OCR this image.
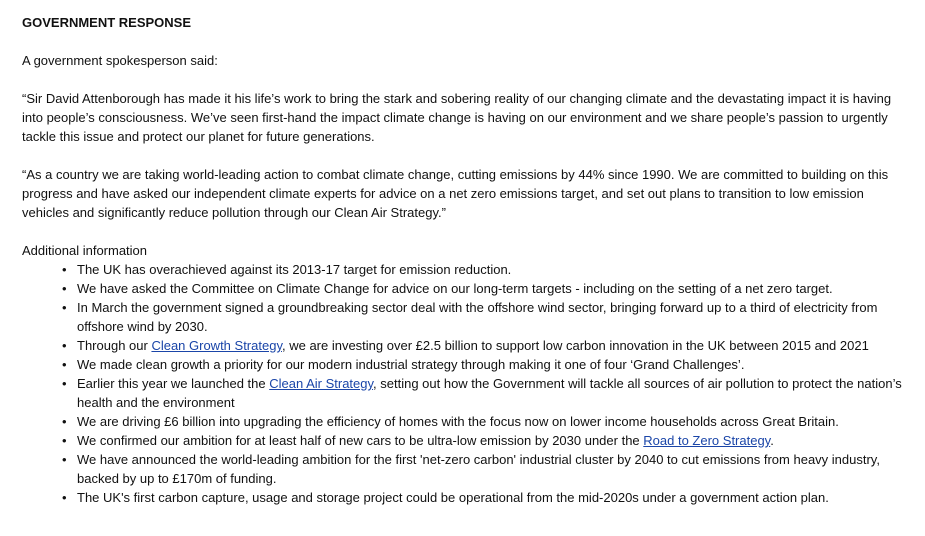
GOVERNMENT RESPONSE

A government spokesperson said:

“Sir David Attenborough has made it his life’s work to bring the stark and sobering reality of our changing climate and the devastating impact it is having into people’s consciousness. We’ve seen first-hand the impact climate change is having on our environment and we share people’s passion to urgently tackle this issue and protect our planet for future generations.

“As a country we are taking world-leading action to combat climate change, cutting emissions by 44% since 1990. We are committed to building on this progress and have asked our independent climate experts for advice on a net zero emissions target, and set out plans to transition to low emission vehicles and significantly reduce pollution through our Clean Air Strategy.”

Additional information

• The UK has overachieved against its 2013-17 target for emission reduction.
• We have asked the Committee on Climate Change for advice on our long-term targets - including on the setting of a net zero target.
• In March the government signed a groundbreaking sector deal with the offshore wind sector, bringing forward up to a third of electricity from offshore wind by 2030.
• Through our Clean Growth Strategy, we are investing over £2.5 billion to support low carbon innovation in the UK between 2015 and 2021
• We made clean growth a priority for our modern industrial strategy through making it one of four ‘Grand Challenges’.
• Earlier this year we launched the Clean Air Strategy, setting out how the Government will tackle all sources of air pollution to protect the nation’s health and the environment
• We are driving £6 billion into upgrading the efficiency of homes with the focus now on lower income households across Great Britain.
• We confirmed our ambition for at least half of new cars to be ultra-low emission by 2030 under the Road to Zero Strategy.
• We have announced the world-leading ambition for the first 'net-zero carbon' industrial cluster by 2040 to cut emissions from heavy industry, backed by up to £170m of funding.
• The UK's first carbon capture, usage and storage project could be operational from the mid-2020s under a government action plan.
